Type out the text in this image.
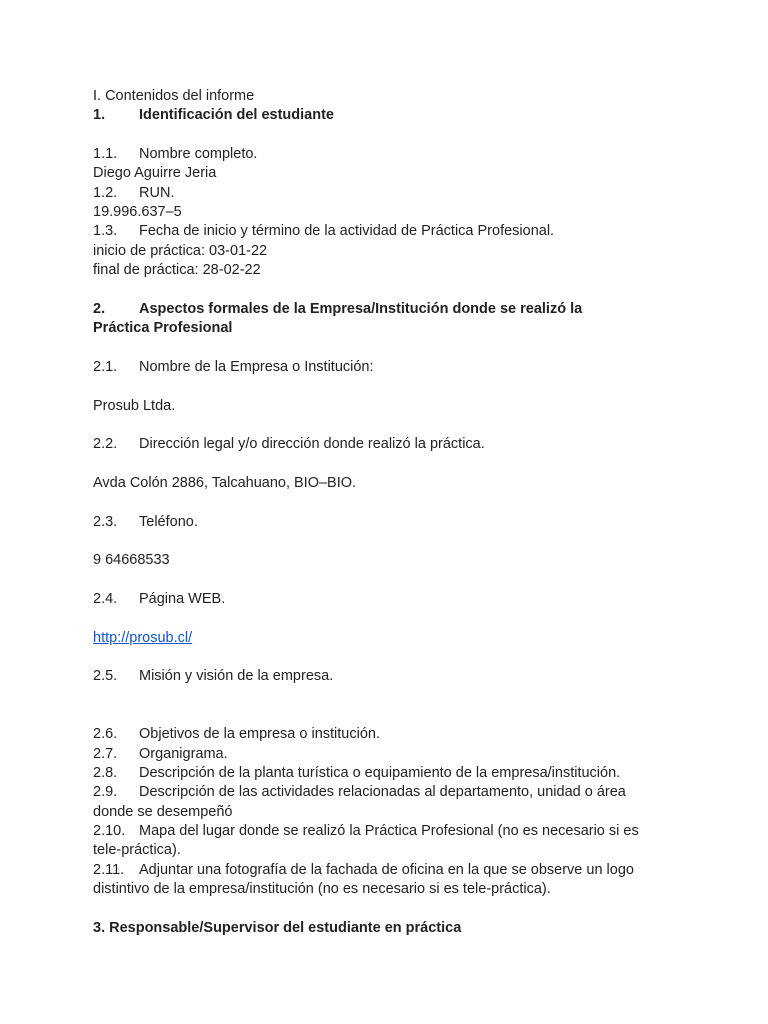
I. Contenidos del informe
1. Identificación del estudiante
1.1. Nombre completo.
Diego Aguirre Jeria
1.2. RUN.
19.996.637–5
1.3. Fecha de inicio y término de la actividad de Práctica Profesional.
inicio de práctica: 03-01-22
final de práctica: 28-02-22
2. Aspectos formales de la Empresa/Institución donde se realizó la
Práctica Profesional
2.1. Nombre de la Empresa o Institución:
Prosub Ltda.
2.2. Dirección legal y/o dirección donde realizó la práctica.
Avda Colón 2886, Talcahuano, BIO–BIO.
2.3. Teléfono.
9 64668533
2.4. Página WEB.
http://prosub.cl/
2.5. Misión y visión de la empresa.
2.6. Objetivos de la empresa o institución.
2.7. Organigrama.
2.8. Descripción de la planta turística o equipamiento de la empresa/institución.
2.9. Descripción de las actividades relacionadas al departamento, unidad o área
donde se desempeñó
2.10. Mapa del lugar donde se realizó la Práctica Profesional (no es necesario si es
tele-práctica).
2.11. Adjuntar una fotografía de la fachada de oficina en la que se observe un logo
distintivo de la empresa/institución (no es necesario si es tele-práctica).
3. Responsable/Supervisor del estudiante en práctica
